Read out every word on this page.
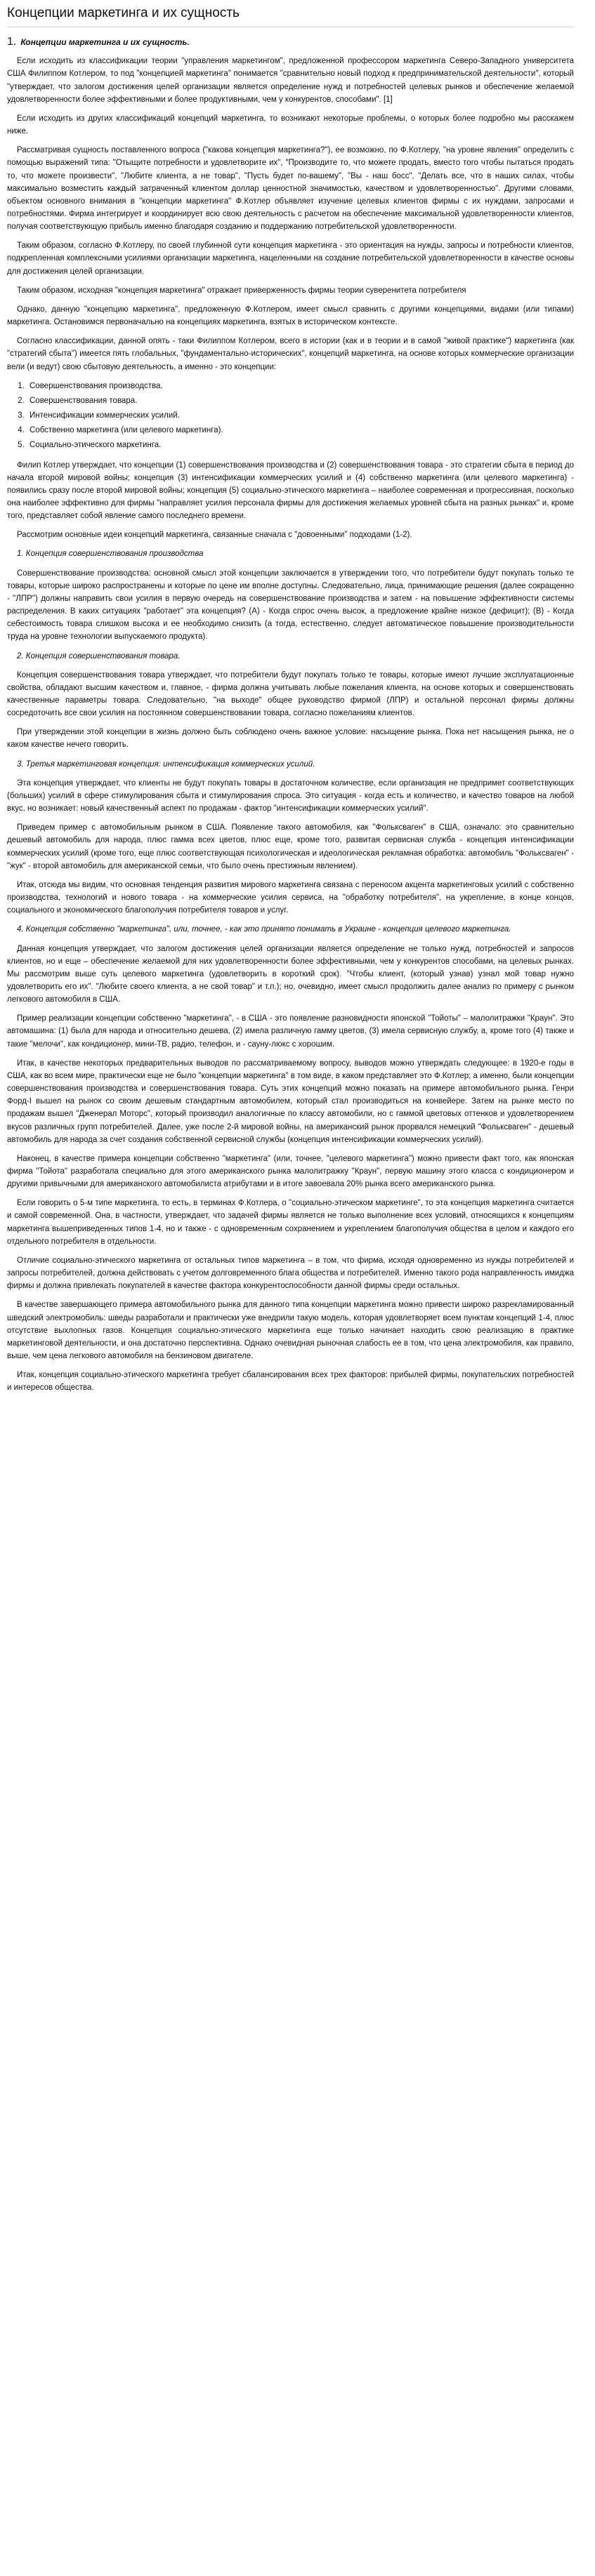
Концепции маркетинга и их сущность
1. Концепции маркетинга и их сущность.

Если исходить из классификации теории "управления маркетингом", предложенной профессором маркетинга Северо-Западного университета США Филиппом Котлером, то под "концепцией маркетинга" понимается "сравнительно новый подход к предпринимательской деятельности", который "утверждает, что залогом достижения целей организации является определение нужд и потребностей целевых рынков и обеспечение желаемой удовлетворенности более эффективными и более продуктивными, чем у конкурентов, способами". [1]

Если исходить из других классификаций концепций маркетинга, то возникают некоторые проблемы, о которых более подробно мы расскажем ниже.

Рассматривая сущность поставленного вопроса ("какова концепция маркетинга?"), ее возможно, по Ф.Котлеру, "на уровне явления" определить с помощью выражений типа: "Отыщите потребности и удовлетворите их", "Производите то, что можете продать, вместо того чтобы пытаться продать то, что можете произвести", "Любите клиента, а не товар", "Пусть будет по-вашему", "Вы - наш босс", "Делать все, что в наших силах, чтобы максимально возместить каждый затраченный клиентом доллар ценностной значимостью, качеством и удовлетворенностью". Другими словами, объектом основного внимания в "концепции маркетинга" Ф.Котлер объявляет изучение целевых клиентов фирмы с их нуждами, запросами и потребностями. Фирма интегрирует и координирует всю свою деятельность с расчетом на обеспечение максимальной удовлетворенности клиентов, получая соответствующую прибыль именно благодаря созданию и поддержанию потребительской удовлетворенности.

Таким образом, согласно Ф.Котлеру, по своей глубинной сути концепция маркетинга - это ориентация на нужды, запросы и потребности клиентов, подкрепленная комплексными усилиями организации маркетинга, нацеленными на создание потребительской удовлетворенности в качестве основы для достижения целей организации.

Таким образом, исходная "концепция маркетинга" отражает приверженность фирмы теории суверенитета потребителя

Однако, данную "концепцию маркетинга", предложенную Ф.Котлером, имеет смысл сравнить с другими концепциями, видами (или типами) маркетинга. Остановимся первоначально на концепциях маркетинга, взятых в историческом контексте.

Согласно классификации, данной опять - таки Филиппом Котлером, всего в истории (как и в теории и в самой "живой практике") маркетинга (как "стратегий сбыта") имеется пять глобальных, "фундаментально-исторических", концепций маркетинга, на основе которых коммерческие организации вели (и ведут) свою сбытовую деятельность, а именно - это концепции:

1. Совершенствования производства.
2. Совершенствования товара.
3. Интенсификации коммерческих усилий.
4. Собственно маркетинга (или целевого маркетинга).
5. Социально-этического маркетинга.

Филип Котлер утверждает, что концепции (1) совершенствования производства и (2) совершенствования товара - это стратегии сбыта в период до начала второй мировой войны; концепция (3) интенсификации коммерческих усилий и (4) собственно маркетинга (или целевого маркетинга) - появились сразу после второй мировой войны; концепция (5) социально-этического маркетинга – наиболее современная и прогрессивная, посколько она наиболее эффективно для фирмы "направляет усилия персонала фирмы для достижения желаемых уровней сбыта на разных рынках" и, кроме того, представляет собой явление самого последнего времени.

Рассмотрим основные идеи концепций маркетинга, связанные сначала с "довоенными" подходами (1-2).

1. Концепция совершенствования производства

Совершенствование производства: основной смысл этой концепции заключается в утверждении того, что потребители будут покупать только те товары, которые широко распространены и которые по цене им вполне доступны. Следовательно, лица, принимающие решения (далее сокращенно - "ЛПР") должны направить свои усилия в первую очередь на совершенствование производства и затем - на повышение эффективности системы распределения. В каких ситуациях "работает" эта концепция? (А) - Когда спрос очень высок, а предложение крайне низкое (дефицит); (В) - Когда себестоимость товара слишком высока и ее необходимо снизить (а тогда, естественно, следует автоматическое повышение производительности труда на уровне технологии выпускаемого продукта).

2. Концепция совершенствования товара.

Концепция совершенствования товара утверждает, что потребители будут покупать только те товары, которые имеют лучшие эксплуатационные свойства, обладают высшим качеством и, главное, - фирма должна учитывать любые пожелания клиента, на основе которых и совершенствовать качественные параметры товара. Следовательно, "на выходе" общее руководство фирмой (ЛПР) и остальной персонал фирмы должны сосредоточить все свои усилия на постоянном совершенствовании товара, согласно пожеланиям клиентов.

При утверждении этой концепции в жизнь должно быть соблюдено очень важное условие: насыщение рынка. Пока нет насыщения рынка, не о каком качестве нечего говорить.

3. Третья маркетинговая концепция: интенсификация коммерческих усилий.

Эта концепция утверждает, что клиенты не будут покупать товары в достаточном количестве, если организация не предпримет соответствующих (больших) усилий в сфере стимулирования сбыта и стимулирования спроса. Это ситуация - когда есть и количество, и качество товаров на любой вкус, но возникает: новый качественный аспект по продажам - фактор "интенсификации коммерческих усилий".

Приведем пример с автомобильным рынком в США. Появление такого автомобиля, как "Фольксваген" в США, означало: это сравнительно дешевый автомобиль для народа, плюс гамма всех цветов, плюс еще, кроме того, развитая сервисная служба - концепция интенсификации коммерческих усилий (кроме того, еще плюс соответствующая психологическая и идеологическая рекламная обработка: автомобиль "Фольксваген" - "жук" - второй автомобиль для американской семьи, что было очень престижным явлением).

Итак, отсюда мы видим, что основная тенденция развития мирового маркетинга связана с переносом акцента маркетинговых усилий с собственно производства, технологий и нового товара - на коммерческие усилия сервиса, на "обработку потребителя", на укрепление, в конце концов, социального и экономического благополучия потребителя товаров и услуг.

4. Концепция собственно "маркетинга", или, точнее, - как это принято понимать в Украине - концепция целевого маркетинга.

Данная концепция утверждает, что залогом достижения целей организации является определение не только нужд, потребностей и запросов клиентов, но и еще – обеспечение желаемой для них удовлетворенности более эффективными, чем у конкурентов способами, на целевых рынках. Мы рассмотрим выше суть целевого маркетинга (удовлетворить в короткий срок). "Чтобы клиент, (который узнав) узнал мой товар нужно удовлетворить его их". "Любите своего клиента, а не свой товар" и т.п.); но, очевидно, имеет смысл продолжить далее анализ по примеру с рынком легкового автомобиля в США.

Пример реализации концепции собственно "маркетинга", - в США - это появление разновидности японской "Тойоты" – малолитражки "Краун". Это автомашина: (1) была для народа и относительно дешева, (2) имела различную гамму цветов, (3) имела сервисную службу, а, кроме того (4) также и такие "мелочи", как кондиционер, мини-ТВ, радио, телефон, и - сауну-люкс с хорошим.

Итак, в качестве некоторых предварительных выводов по рассматриваемому вопросу, выводов можно утверждать следующее: в 1920-е годы в США, как во всем мире, практически еще не было "концепции маркетинга" в том виде, в каком представляет это Ф.Котлер; а именно, были концепции совершенствования производства и совершенствования товара. Суть этих концепций можно показать на примере автомобильного рынка. Генри Форд-I вышел на рынок со своим дешевым стандартным автомобилем, который стал производиться на конвейере. Затем на рынке место по продажам вышел "Дженерал Моторс", который производил аналогичные по классу автомобили, но с гаммой цветовых оттенков и удовлетворением вкусов различных групп потребителей. Далее, уже после 2-й мировой войны, на американский рынок прорвался немецкий "Фольксваген" - дешевый автомобиль для народа за счет создания собственной сервисной службы (концепция интенсификации коммерческих усилий).

Наконец, в качестве примера концепции собственно "маркетинга" (или, точнее, "целевого маркетинга") можно привести факт того, как японская фирма "Тойота" разработала специально для этого американского рынка малолитражку "Краун", первую машину этого класса с кондиционером и другими привычными для американского автомобилиста атрибутами и в итоге завоевала 20% рынка всего американского рынка.

Если говорить о 5-м типе маркетинга, то есть, в терминах Ф.Котлера, о "социально-этическом маркетинге", то эта концепция маркетинга считается и самой современной. Она, в частности, утверждает, что задачей фирмы является не только выполнение всех условий, относящихся к концепциям маркетинга вышеприведенных типов 1-4, но и также - с одновременным сохранением и укреплением благополучия общества в целом и каждого его отдельного потребителя в отдельности.

Отличие социально-этического маркетинга от остальных типов маркетинга – в том, что фирма, исходя одновременно из нужды потребителей и запросы потребителей, должна действовать с учетом долговременного блага общества и потребителей. Именно такого рода направленность имиджа фирмы и должна привлекать покупателей в качестве фактора конкурентоспособности данной фирмы среди остальных.

В качестве завершающего примера автомобильного рынка для данного типа концепции маркетинга можно привести широко разрекламированный шведский электромобиль: шведы разработали и практически уже внедрили такую модель, которая удовлетворяет всем пунктам концепций 1-4, плюс отсутствие выхлопных газов. Концепция социально-этического маркетинга еще только начинает находить свою реализацию в практике маркетинговой деятельности, и она достаточно перспективна. Однако очевидная рыночная слабость ее в том, что цена электромобиля, как правило, выше, чем цена легкового автомобиля на бензиновом двигателе.

Итак, концепция социально-этического маркетинга требует сбалансирования всех трех факторов: прибылей фирмы, покупательских потребностей и интересов общества.
